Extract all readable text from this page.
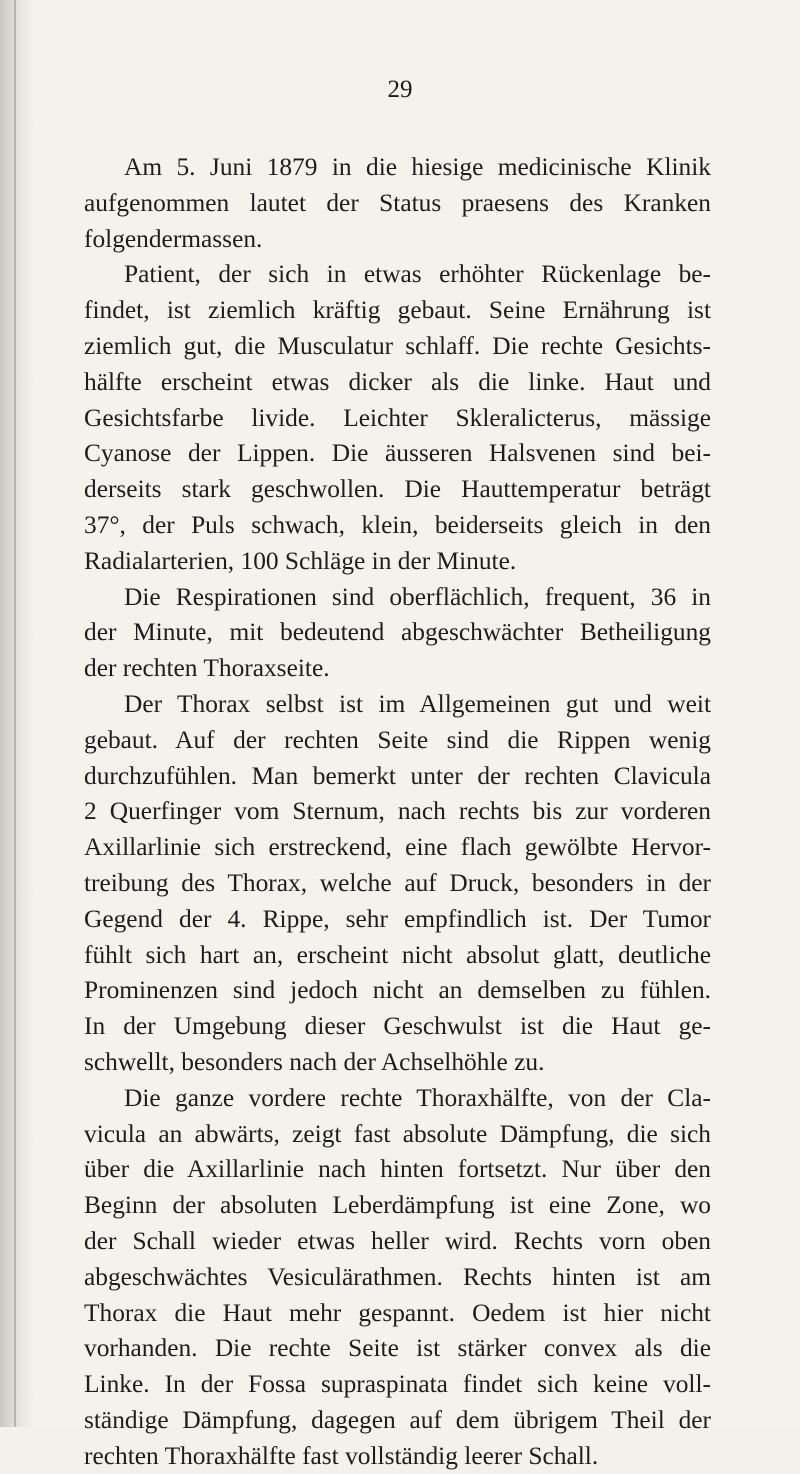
29
Am 5. Juni 1879 in die hiesige medicinische Klinik
aufgenommen lautet der Status praesens des Kranken
folgendermassen.
Patient, der sich in etwas erhöhter Rückenlage be-
findet, ist ziemlich kräftig gebaut. Seine Ernährung ist
ziemlich gut, die Musculatur schlaff. Die rechte Gesichts-
hälfte erscheint etwas dicker als die linke. Haut und
Gesichtsfarbe livide. Leichter Skleralicterus, mässige
Cyanose der Lippen. Die äusseren Halsvenen sind bei-
derseits stark geschwollen. Die Hauttemperatur beträgt
37°, der Puls schwach, klein, beiderseits gleich in den
Radialarterien, 100 Schläge in der Minute.
Die Respirationen sind oberflächlich, frequent, 36 in
der Minute, mit bedeutend abgeschwächter Betheiligung
der rechten Thoraxseite.
Der Thorax selbst ist im Allgemeinen gut und weit
gebaut. Auf der rechten Seite sind die Rippen wenig
durchzufühlen. Man bemerkt unter der rechten Clavicula
2 Querfinger vom Sternum, nach rechts bis zur vorderen
Axillarlinie sich erstreckend, eine flach gewölbte Hervor-
treibung des Thorax, welche auf Druck, besonders in der
Gegend der 4. Rippe, sehr empfindlich ist. Der Tumor
fühlt sich hart an, erscheint nicht absolut glatt, deutliche
Prominenzen sind jedoch nicht an demselben zu fühlen.
In der Umgebung dieser Geschwulst ist die Haut ge-
schwellt, besonders nach der Achselhöhle zu.
Die ganze vordere rechte Thoraxhälfte, von der Cla-
vicula an abwärts, zeigt fast absolute Dämpfung, die sich
über die Axillarlinie nach hinten fortsetzt. Nur über den
Beginn der absoluten Leberdämpfung ist eine Zone, wo
der Schall wieder etwas heller wird. Rechts vorn oben
abgeschwächtes Vesiculärathmen. Rechts hinten ist am
Thorax die Haut mehr gespannt. Oedem ist hier nicht
vorhanden. Die rechte Seite ist stärker convex als die
Linke. In der Fossa supraspinata findet sich keine voll-
ständige Dämpfung, dagegen auf dem übrigem Theil der
rechten Thoraxhälfte fast vollständig leerer Schall.
